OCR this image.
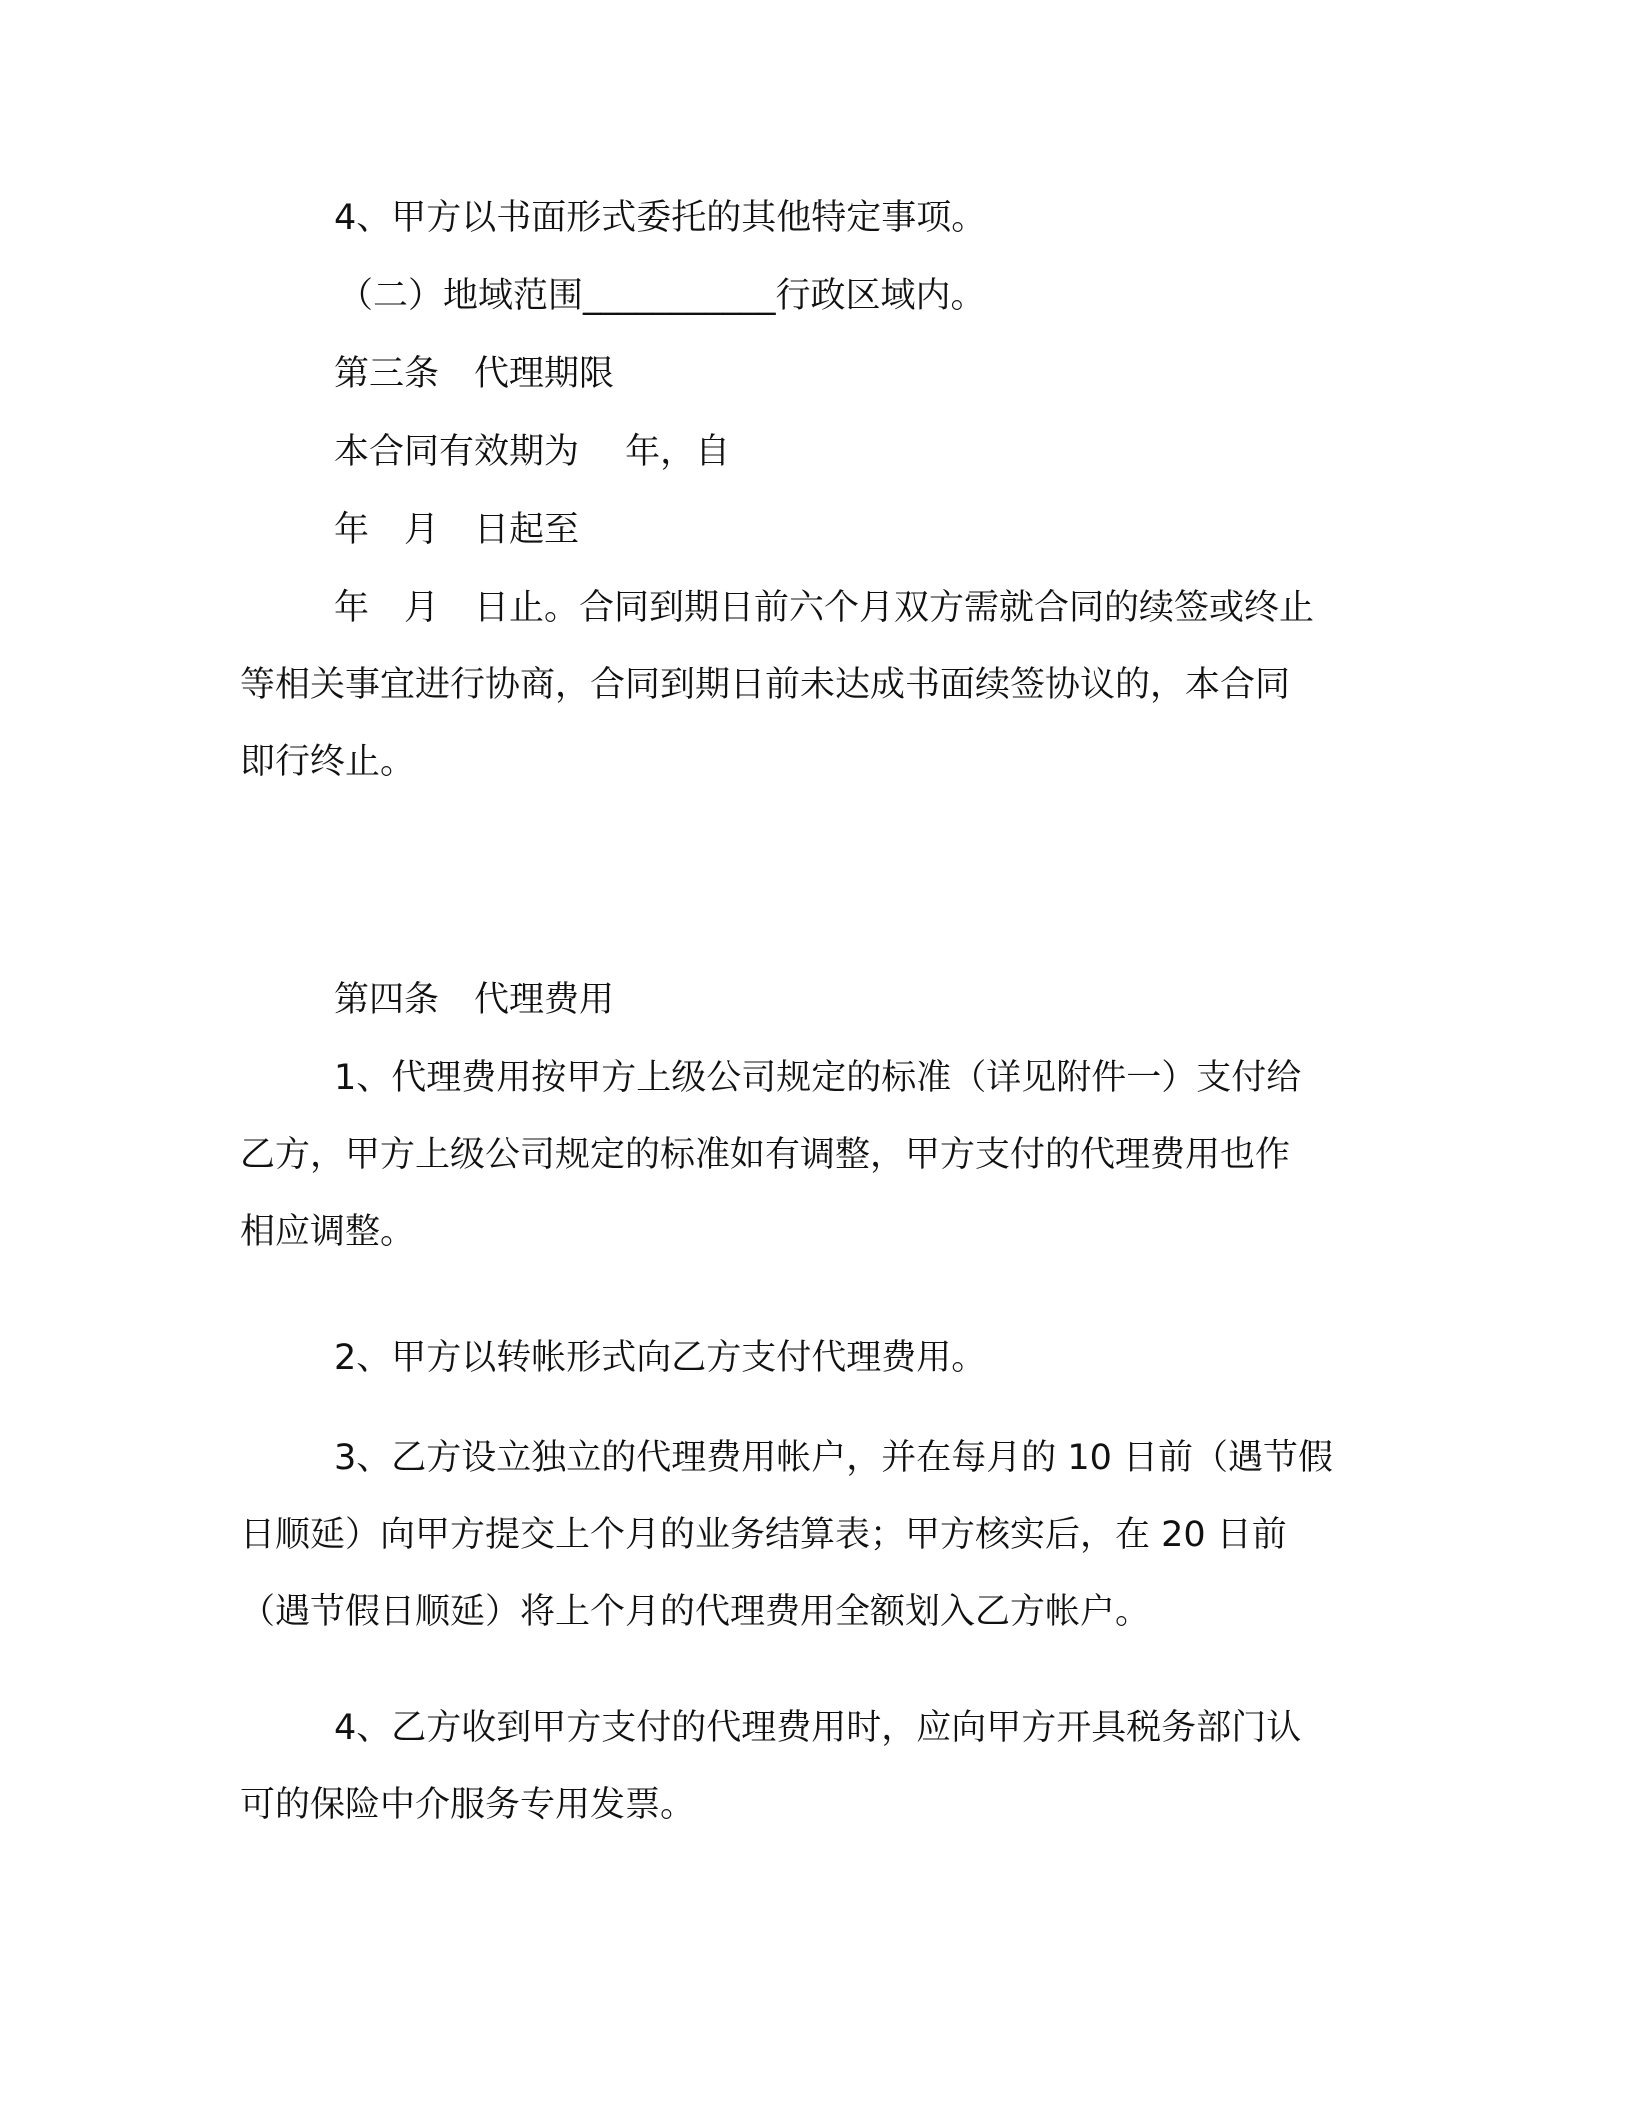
4、甲方以书面形式委托的其他特定事项。
（二）地域范围___________行政区域内。
第三条　代理期限
本合同有效期为　 年，自
年　月　日起至
年　月　日止。合同到期日前六个月双方需就合同的续签或终止
等相关事宜进行协商，合同到期日前未达成书面续签协议的，本合同
即行终止。
第四条　代理费用
1、代理费用按甲方上级公司规定的标准（详见附件一）支付给
乙方，甲方上级公司规定的标准如有调整，甲方支付的代理费用也作
相应调整。
2、甲方以转帐形式向乙方支付代理费用。
3、乙方设立独立的代理费用帐户，并在每月的 10 日前（遇节假
日顺延）向甲方提交上个月的业务结算表；甲方核实后，在 20 日前
（遇节假日顺延）将上个月的代理费用全额划入乙方帐户。
4、乙方收到甲方支付的代理费用时，应向甲方开具税务部门认
可的保险中介服务专用发票。
